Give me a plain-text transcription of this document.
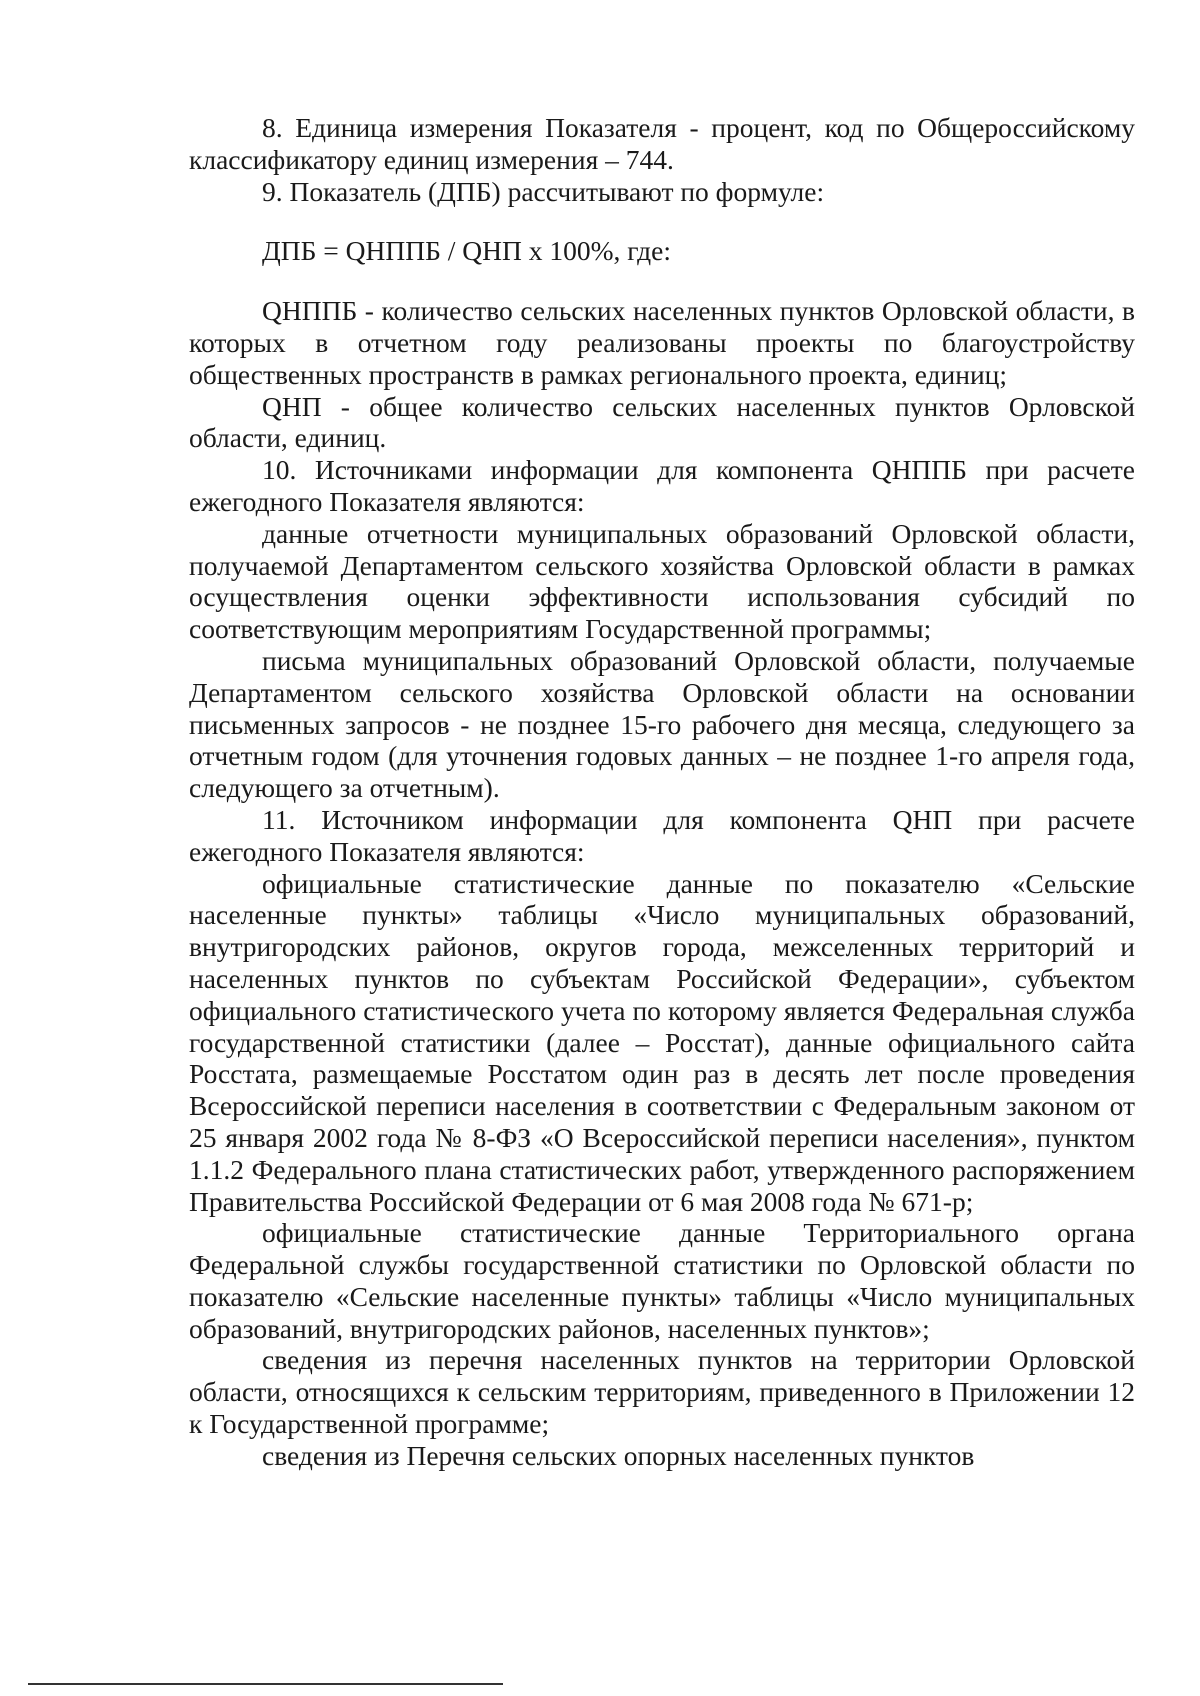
8. Единица измерения Показателя - процент, код по Общероссийскому классификатору единиц измерения – 744.

9. Показатель (ДПБ) рассчитывают по формуле:

ДПБ = QНППБ / QНП x 100%, где:

QНППБ - количество сельских населенных пунктов Орловской области, в которых в отчетном году реализованы проекты по благоустройству общественных пространств в рамках регионального проекта, единиц;

QНП - общее количество сельских населенных пунктов Орловской области, единиц.

10. Источниками информации для компонента QНППБ при расчете ежегодного Показателя являются:

данные отчетности муниципальных образований Орловской области, получаемой Департаментом сельского хозяйства Орловской области в рамках осуществления оценки эффективности использования субсидий по соответствующим мероприятиям Государственной программы;

письма муниципальных образований Орловской области, получаемые Департаментом сельского хозяйства Орловской области на основании письменных запросов - не позднее 15-го рабочего дня месяца, следующего за отчетным годом (для уточнения годовых данных – не позднее 1-го апреля года, следующего за отчетным).

11. Источником информации для компонента QНП при расчете ежегодного Показателя являются:

официальные статистические данные по показателю «Сельские населенные пункты» таблицы «Число муниципальных образований, внутригородских районов, округов города, межселенных территорий и населенных пунктов по субъектам Российской Федерации», субъектом официального статистического учета по которому является Федеральная служба государственной статистики (далее – Росстат), данные официального сайта Росстата, размещаемые Росстатом один раз в десять лет после проведения Всероссийской переписи населения в соответствии с Федеральным законом от 25 января 2002 года № 8-ФЗ «О Всероссийской переписи населения», пунктом 1.1.2 Федерального плана статистических работ, утвержденного распоряжением Правительства Российской Федерации от 6 мая 2008 года № 671-р;

официальные статистические данные Территориального органа Федеральной службы государственной статистики по Орловской области по показателю «Сельские населенные пункты» таблицы «Число муниципальных образований, внутригородских районов, населенных пунктов»;

сведения из перечня населенных пунктов на территории Орловской области, относящихся к сельским территориям, приведенного в Приложении 12 к Государственной программе;

сведения из Перечня сельских опорных населенных пунктов
